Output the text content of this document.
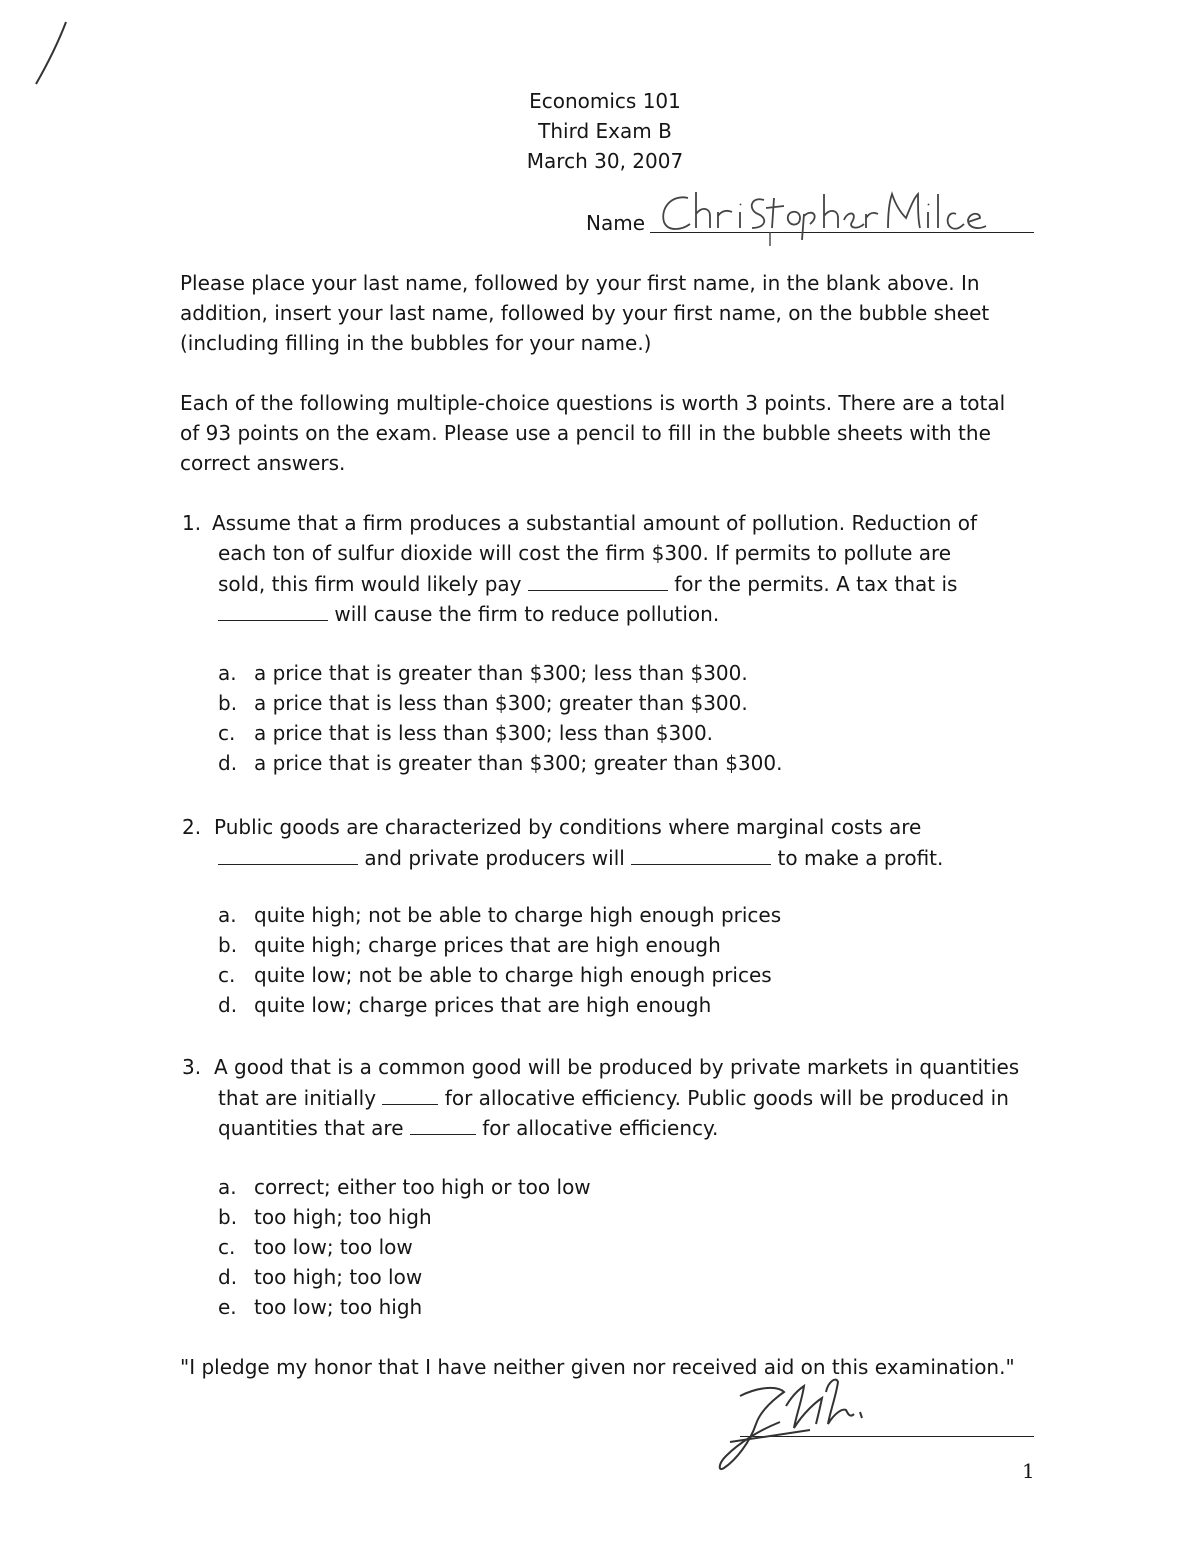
Economics 101
Third Exam B
March 30, 2007
Name
Please place your last name, followed by your first name, in the blank above. In
addition, insert your last name, followed by your first name, on the bubble sheet
(including filling in the bubbles for your name.)
Each of the following multiple-choice questions is worth 3 points. There are a total
of 93 points on the exam. Please use a pencil to fill in the bubble sheets with the
correct answers.
1. Assume that a firm produces a substantial amount of pollution. Reduction of
each ton of sulfur dioxide will cost the firm $300. If permits to pollute are
sold, this firm would likely pay	for the permits. A tax that is
will cause the firm to reduce pollution.
a. a price that is greater than $300; less than $300.
b. a price that is less than $300; greater than $300.
c. a price that is less than $300; less than $300.
d. a price that is greater than $300; greater than $300.
2. Public goods are characterized by conditions where marginal costs are
and private producers will	to make a profit.
a. quite high; not be able to charge high enough prices
b. quite high; charge prices that are high enough
c. quite low; not be able to charge high enough prices
d. quite low; charge prices that are high enough
3. A good that is a common good will be produced by private markets in quantities
that are initially	for allocative efficiency. Public goods will be produced in
quantities that are	for allocative efficiency.
a. correct; either too high or too low
b. too high; too high
c. too low; too low
d. too high; too low
e. too low; too high
"I pledge my honor that I have neither given nor received aid on this examination."
1
